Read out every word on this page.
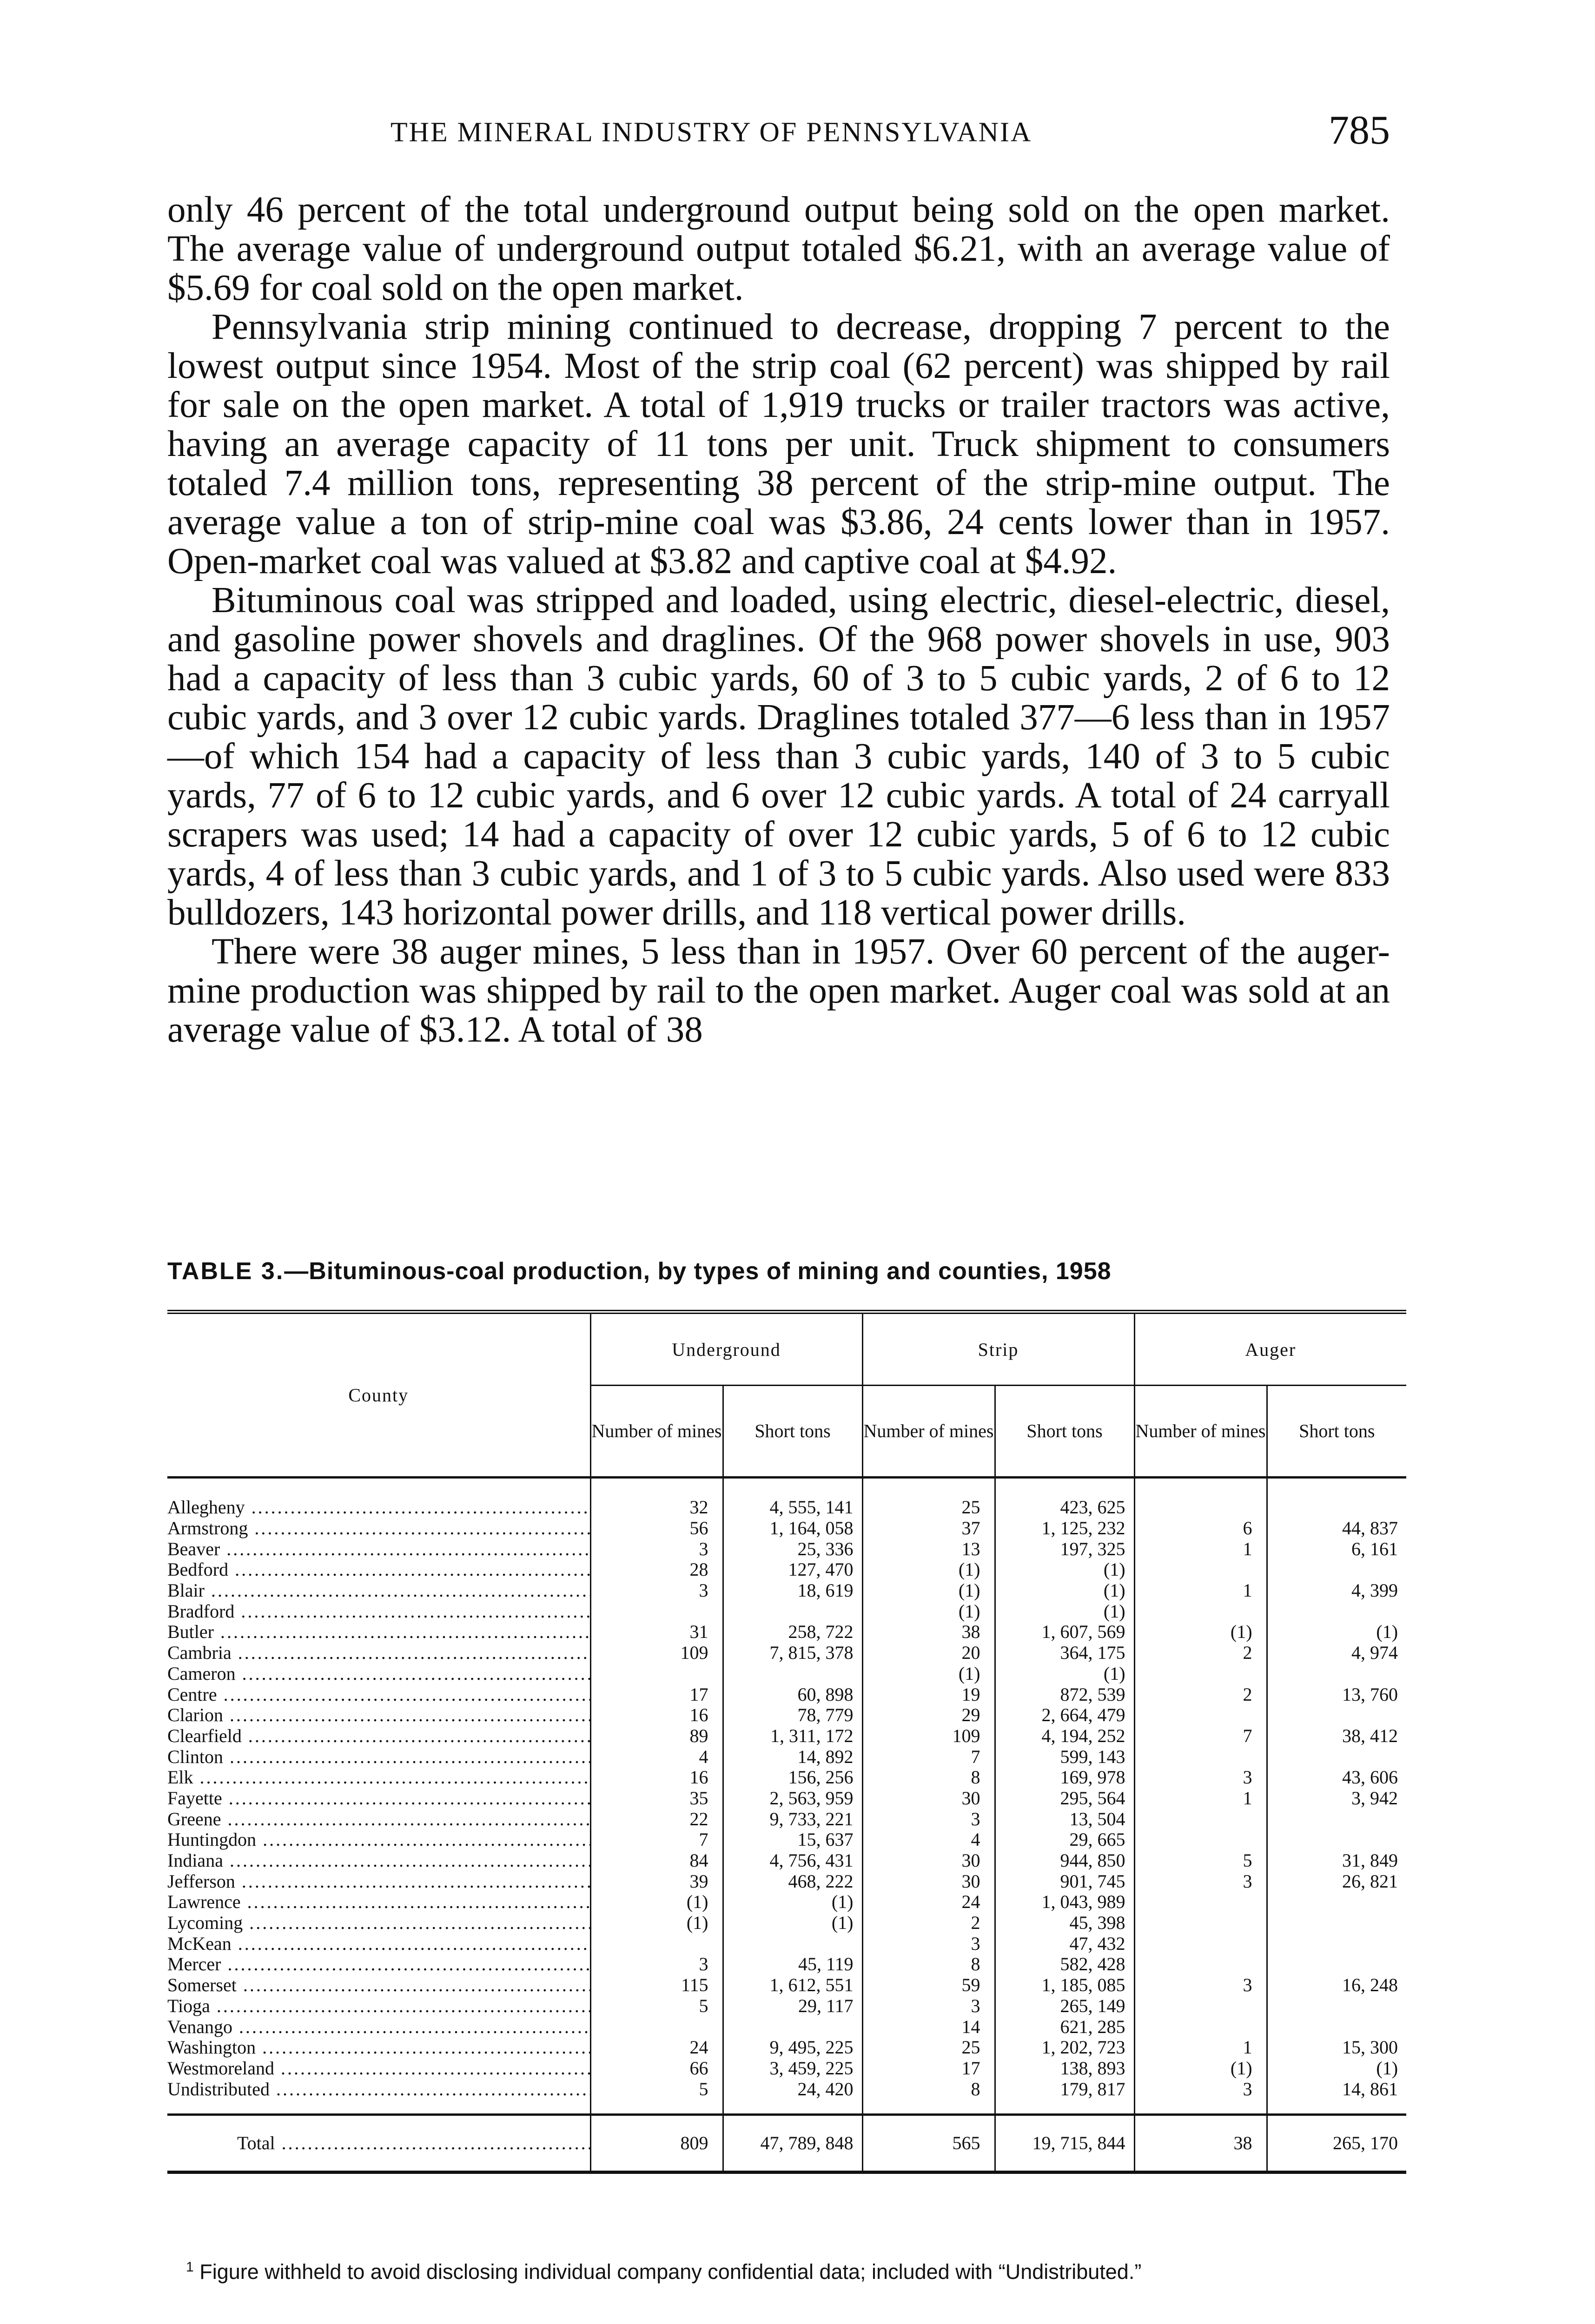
THE MINERAL INDUSTRY OF PENNSYLVANIA	785

only 46 percent of the total underground output being sold on the open market. The average value of underground output totaled $6.21, with an average value of $5.69 for coal sold on the open market.

Pennsylvania strip mining continued to decrease, dropping 7 percent to the lowest output since 1954. Most of the strip coal (62 percent) was shipped by rail for sale on the open market. A total of 1,919 trucks or trailer tractors was active, having an average capacity of 11 tons per unit. Truck shipment to consumers totaled 7.4 million tons, representing 38 percent of the strip-mine output. The average value a ton of strip-mine coal was $3.86, 24 cents lower than in 1957. Open-market coal was valued at $3.82 and captive coal at $4.92.

Bituminous coal was stripped and loaded, using electric, diesel-electric, diesel, and gasoline power shovels and draglines. Of the 968 power shovels in use, 903 had a capacity of less than 3 cubic yards, 60 of 3 to 5 cubic yards, 2 of 6 to 12 cubic yards, and 3 over 12 cubic yards. Draglines totaled 377—6 less than in 1957—of which 154 had a capacity of less than 3 cubic yards, 140 of 3 to 5 cubic yards, 77 of 6 to 12 cubic yards, and 6 over 12 cubic yards. A total of 24 carryall scrapers was used; 14 had a capacity of over 12 cubic yards, 5 of 6 to 12 cubic yards, 4 of less than 3 cubic yards, and 1 of 3 to 5 cubic yards. Also used were 833 bulldozers, 143 horizontal power drills, and 118 vertical power drills.

There were 38 auger mines, 5 less than in 1957. Over 60 percent of the auger-mine production was shipped by rail to the open market. Auger coal was sold at an average value of $3.12. A total of 38

TABLE 3.—Bituminous-coal production, by types of mining and counties, 1958
County	Underground		Strip		Auger	
	Number of mines	Short tons	Number of mines	Short tons	Number of mines	Short tons

Allegheny .....	32	4, 555, 141	25	423, 625		

Armstrong .....	56	1, 164, 058	37	1, 125, 232	6	44, 837

Beaver .....	3	25, 336	13	197, 325	1	6, 161

Bedford .....	28	127, 470	(1)	(1)		

Blair .....	3	18, 619	(1)	(1)	1	4, 399

Bradford .....			(1)	(1)		

Butler .....	31	258, 722	38	1, 607, 569	(1)	(1)

Cambria .....	109	7, 815, 378	20	364, 175	2	4, 974

Cameron .....			(1)	(1)		

Centre .....	17	60, 898	19	872, 539	2	13, 760

Clarion .....	16	78, 779	29	2, 664, 479		

Clearfield .....	89	1, 311, 172	109	4, 194, 252	7	38, 412

Clinton .....	4	14, 892	7	599, 143		

Elk .....	16	156, 256	8	169, 978	3	43, 606

Fayette .....	35	2, 563, 959	30	295, 564	1	3, 942

Greene .....	22	9, 733, 221	3	13, 504		

Huntingdon .....	7	15, 637	4	29, 665		

Indiana .....	84	4, 756, 431	30	944, 850	5	31, 849

Jefferson .....	39	468, 222	30	901, 745	3	26, 821

Lawrence .....	(1)	(1)	24	1, 043, 989		

Lycoming .....	(1)	(1)	2	45, 398		

McKean .....			3	47, 432		

Mercer .....	3	45, 119	8	582, 428		

Somerset .....	115	1, 612, 551	59	1, 185, 085	3	16, 248

Tioga .....	5	29, 117	3	265, 149		

Venango .....			14	621, 285		

Washington .....	24	9, 495, 225	25	1, 202, 723	1	15, 300

Westmoreland .....	66	3, 459, 225	17	138, 893	(1)	(1)

Undistributed .....	5	24, 420	8	179, 817	3	14, 861

Total .....	809	47, 789, 848	565	19, 715, 844	38	265, 170
$^1$ Figure withheld to avoid disclosing individual company confidential data; included with “Undistributed.”
